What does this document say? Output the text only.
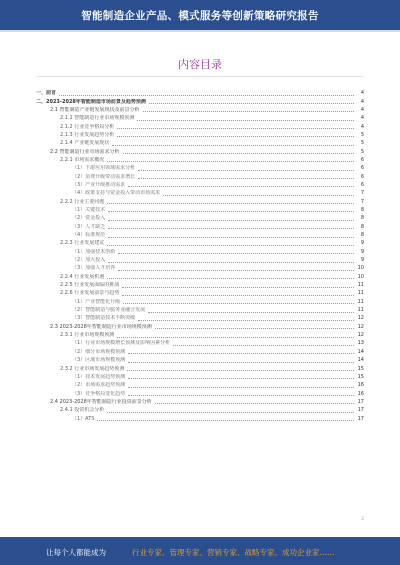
智能制造企业产品、模式服务等创新策略研究报告
内容目录
一、前言	4
二、2023-2028年智能制造市场前景及趋势预测	4
2.1 智能制造产业链发展现状及前景分析	4
2.1.1 智能制造行业市场规模预测	4
2.1.2 行业竞争格局分析	4
2.1.3 行业发展趋势分析	5
2.1.4 产业链发展现状	5
2.2 智能制造行业市场需求分析	5
2.2.1 市场需求概况	6
（1）下游应用领域需求分析	6
（2）消费升级带动需求增长	6
（3）产业升级推动需求	6
（4）政策支持与资金投入带动市场需求	7
2.2.2 行业主要问题	7
（1）关键技术	8
（2）资金投入	8
（3）人才缺乏	8
（4）标准规范	8
2.2.3 行业发展建议	9
（1）加强技术创新	9
（2）加大投入	9
（3）加强人才培养	10
2.2.4 行业发展机遇	10
2.2.5 行业发展面临的挑战	11
2.2.6 行业发展前景与趋势	11
（1）产业智能化升级	11
（2）智能制造与服务业融合发展	11
（3）智能制造技术不断突破	12
2.3 2023-2028年智能制造行业市场规模预测	12
2.3.1 行业市场规模预测	12
（1）行业市场规模增长预测及影响因素分析	13
（2）细分市场规模预测	14
（3）区域市场规模预测	14
2.3.2 行业市场发展趋势预测	15
（1）技术发展趋势预测	15
（2）市场需求趋势预测	16
（3）竞争格局变化趋势	16
2.4 2023-2028年智能制造行业投资前景分析	17
2.4.1 投资机会分析	17
（1）ATS	17
2
让每个人都能成为	行业专家、管理专家、营销专家、战略专家、成功企业家……
